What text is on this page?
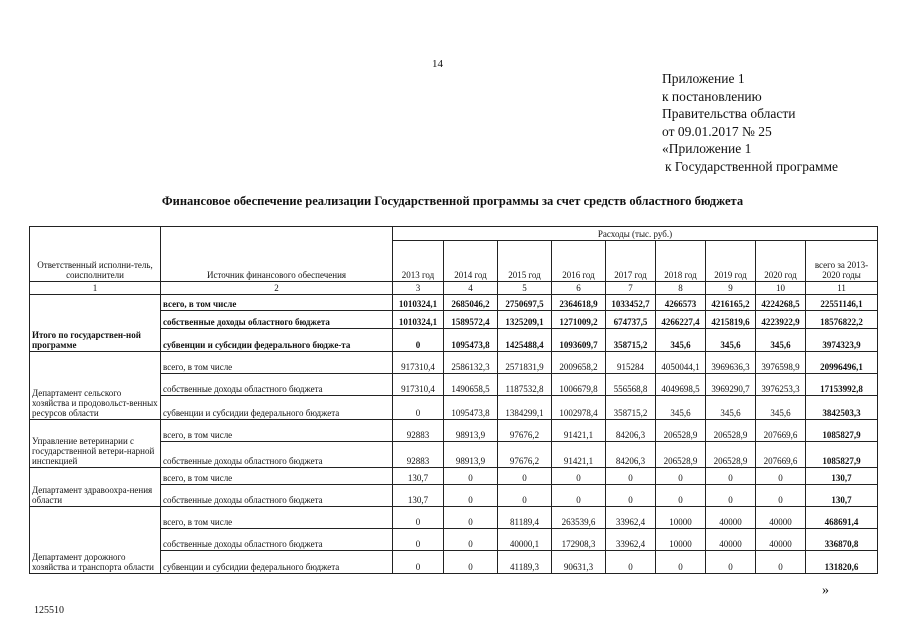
14
Приложение 1
к постановлению
Правительства области
от 09.01.2017 № 25
«Приложение 1
к Государственной программе
Финансовое обеспечение реализации Государственной программы за счет средств областного бюджета
Ответственный исполни-тель, соисполнители	Источник финансового обеспечения	Расходы (тыс. руб.)								
		2013 год	2014 год	2015 год	2016 год	2017 год	2018 год	2019 год	2020 год	всего за 2013-2020 годы
1	2	3	4	5	6	7	8	9	10	11
Итого по государствен-ной программе	всего, в том числе	1010324,1	2685046,2	2750697,5	2364618,9	1033452,7	4266573	4216165,2	4224268,5	22551146,1
	собственные доходы областного бюджета	1010324,1	1589572,4	1325209,1	1271009,2	674737,5	4266227,4	4215819,6	4223922,9	18576822,2
	субвенции и субсидии федерального бюдже-та	0	1095473,8	1425488,4	1093609,7	358715,2	345,6	345,6	345,6	3974323,9
Департамент сельского хозяйства и продовольст-венных ресурсов области	всего, в том числе	917310,4	2586132,3	2571831,9	2009658,2	915284	4050044,1	3969636,3	3976598,9	20996496,1
	собственные доходы областного бюджета	917310,4	1490658,5	1187532,8	1006679,8	556568,8	4049698,5	3969290,7	3976253,3	17153992,8
	субвенции и субсидии федерального бюджета	0	1095473,8	1384299,1	1002978,4	358715,2	345,6	345,6	345,6	3842503,3
Управление ветеринарии с государственной ветери-нарной инспекцией	всего, в том числе	92883	98913,9	97676,2	91421,1	84206,3	206528,9	206528,9	207669,6	1085827,9
	собственные доходы областного бюджета	92883	98913,9	97676,2	91421,1	84206,3	206528,9	206528,9	207669,6	1085827,9
Департамент здравоохра-нения области	всего, в том числе	130,7	0	0	0	0	0	0	0	130,7
	собственные доходы областного бюджета	130,7	0	0	0	0	0	0	0	130,7
Департамент дорожного хозяйства и транспорта области	всего, в том числе	0	0	81189,4	263539,6	33962,4	10000	40000	40000	468691,4
	собственные доходы областного бюджета	0	0	40000,1	172908,3	33962,4	10000	40000	40000	336870,8
	субвенции и субсидии федерального бюджета	0	0	41189,3	90631,3	0	0	0	0	131820,6
»
125510
